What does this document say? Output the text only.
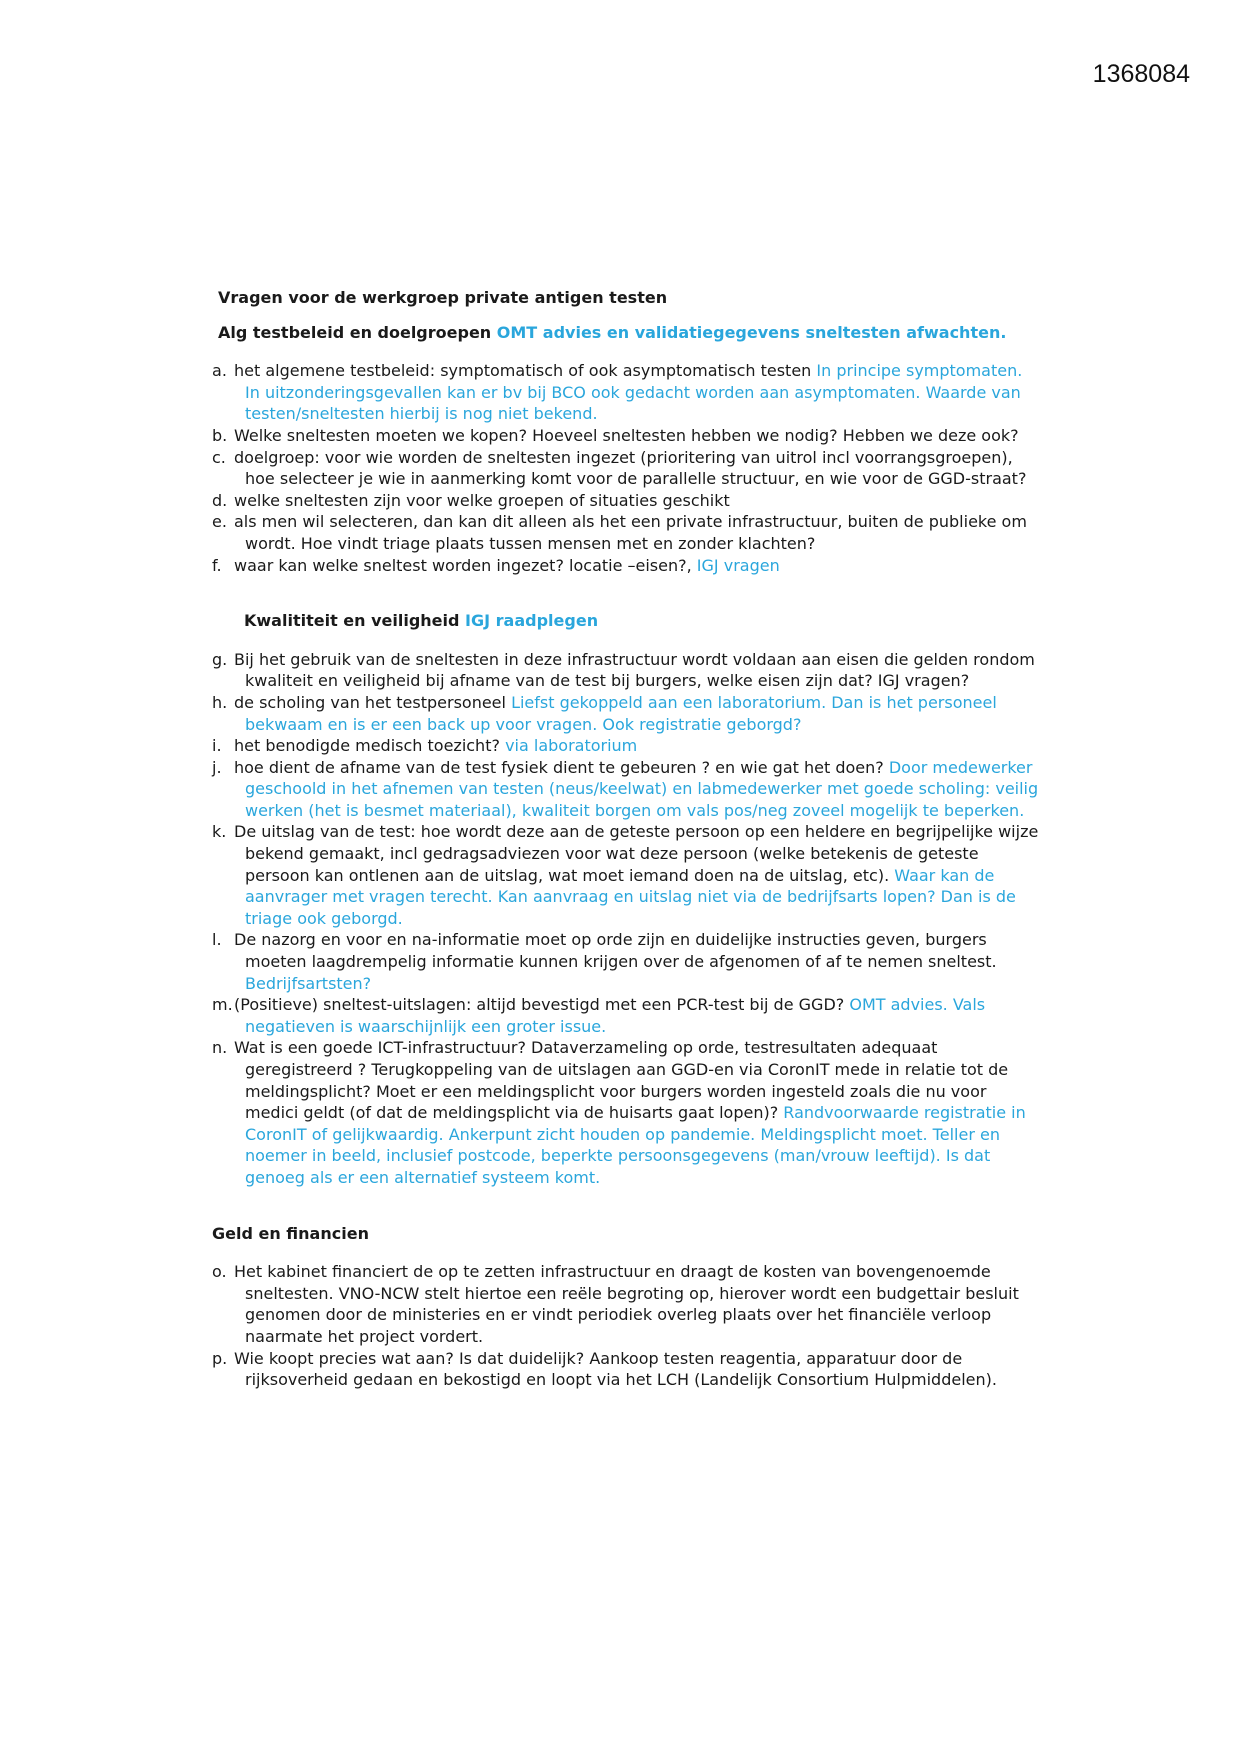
1368084
Vragen voor de werkgroep private antigen testen
Alg testbeleid en doelgroepen OMT advies en validatiegegevens sneltesten afwachten.
a . het algemene testbeleid: symptomatisch of ook asymptomatisch testen In principe symptomaten. In uitzonderingsgevallen kan er bv bij BCO ook gedacht worden aan asymptomaten. Waarde van testen/sneltesten hierbij is nog niet bekend.
b . Welke sneltesten moeten we kopen? Hoeveel sneltesten hebben we nodig? Hebben we deze ook?
c . doelgroep: voor wie worden de sneltesten ingezet (prioritering van uitrol incl voorrangsgroepen), hoe selecteer je wie in aanmerking komt voor de parallelle structuur, en wie voor de GGD-straat?
d . welke sneltesten zijn voor welke groepen of situaties geschikt
e . als men wil selecteren, dan kan dit alleen als het een private infrastructuur, buiten de publieke om wordt. Hoe vindt triage plaats tussen mensen met en zonder klachten?
f .	waar kan welke sneltest worden ingezet? locatie –eisen?, IGJ vragen
Kwalititeit en veiligheid IGJ raadplegen
g . Bij het gebruik van de sneltesten in deze infrastructuur wordt voldaan aan eisen die gelden rondom kwaliteit en veiligheid bij afname van de test bij burgers, welke eisen zijn dat? IGJ vragen?
h . de scholing van het testpersoneel Liefst gekoppeld aan een laboratorium. Dan is het personeel bekwaam en is er een back up voor vragen. Ook registratie geborgd?
i .	het benodigde medisch toezicht? via laboratorium
j .	hoe dient de afname van de test fysiek dient te gebeuren ? en wie gat het doen? Door medewerker geschoold in het afnemen van testen (neus/keelwat) en labmedewerker met goede scholing: veilig werken (het is besmet materiaal), kwaliteit borgen om vals pos/neg zoveel mogelijk te beperken.
k . De uitslag van de test: hoe wordt deze aan de geteste persoon op een heldere en begrijpelijke wijze bekend gemaakt, incl gedragsadviezen voor wat deze persoon (welke betekenis de geteste persoon kan ontlenen aan de uitslag, wat moet iemand doen na de uitslag, etc). Waar kan de aanvrager met vragen terecht. Kan aanvraag en uitslag niet via de bedrijfsarts lopen? Dan is de triage ook geborgd.
l .	De nazorg en voor en na-informatie moet op orde zijn en duidelijke instructies geven, burgers moeten laagdrempelig informatie kunnen krijgen over de afgenomen of af te nemen sneltest. Bedrijfsartsten?
m . (Positieve) sneltest-uitslagen: altijd bevestigd met een PCR-test bij de GGD? OMT advies. Vals negatieven is waarschijnlijk een groter issue.
n . Wat is een goede ICT-infrastructuur? Dataverzameling op orde, testresultaten adequaat geregistreerd ? Terugkoppeling van de uitslagen aan GGD-en via CoronIT mede in relatie tot de meldingsplicht? Moet er een meldingsplicht voor burgers worden ingesteld zoals die nu voor medici geldt (of dat de meldingsplicht via de huisarts gaat lopen)? Randvoorwaarde registratie in CoronIT of gelijkwaardig. Ankerpunt zicht houden op pandemie. Meldingsplicht moet. Teller en noemer in beeld, inclusief postcode, beperkte persoonsgegevens (man/vrouw leeftijd). Is dat genoeg als er een alternatief systeem komt.
Geld en financien
o . Het kabinet financiert de op te zetten infrastructuur en draagt de kosten van bovengenoemde sneltesten. VNO-NCW stelt hiertoe een reële begroting op, hierover wordt een budgettair besluit genomen door de ministeries en er vindt periodiek overleg plaats over het financiële verloop naarmate het project vordert.
p . Wie koopt precies wat aan? Is dat duidelijk? Aankoop testen reagentia, apparatuur door de rijksoverheid gedaan en bekostigd en loopt via het LCH (Landelijk Consortium Hulpmiddelen).
